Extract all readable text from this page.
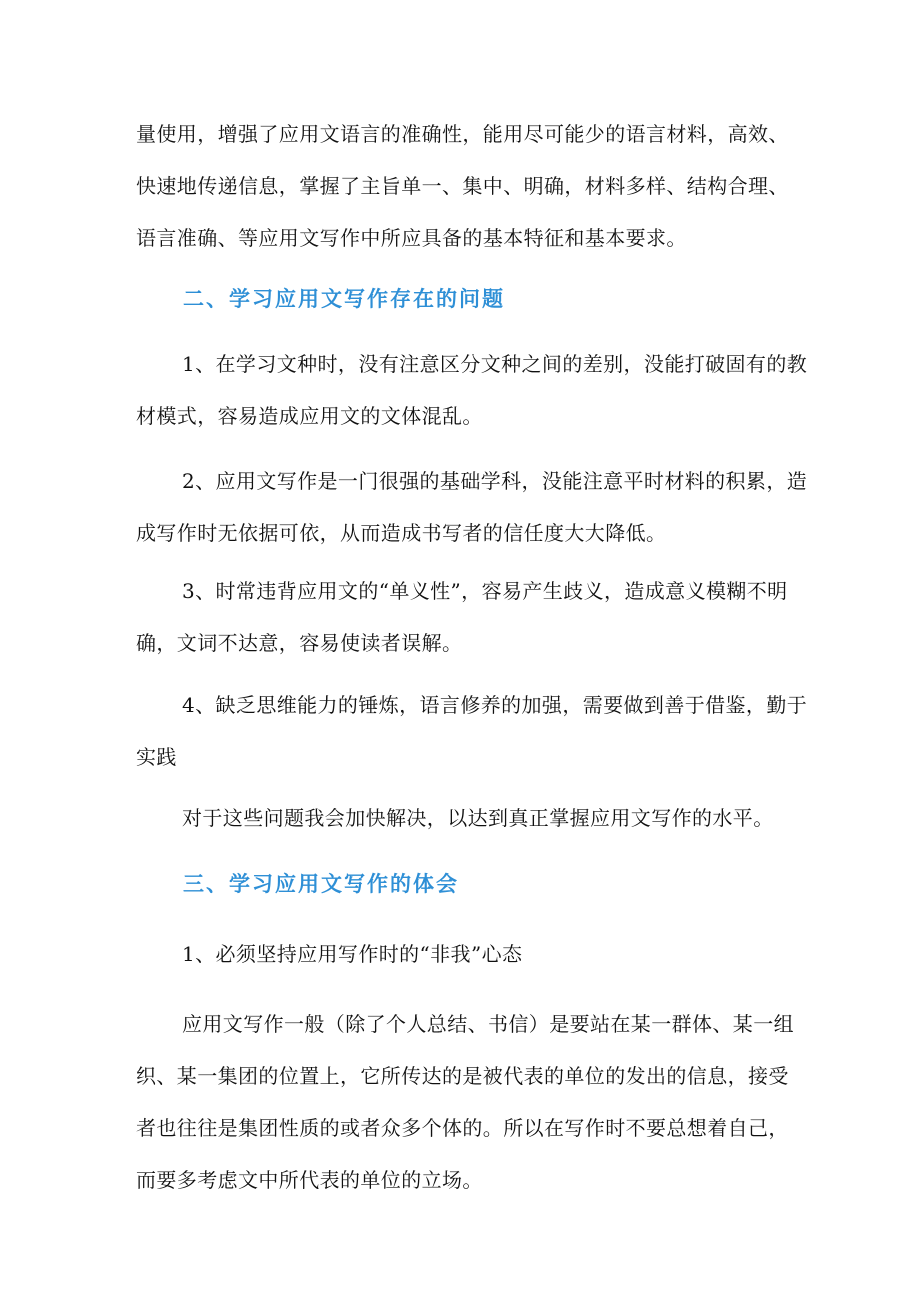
量使用，增强了应用文语言的准确性，能用尽可能少的语言材料，高效、
快速地传递信息，掌握了主旨单一、集中、明确，材料多样、结构合理、
语言准确、等应用文写作中所应具备的基本特征和基本要求。
二、学习应用文写作存在的问题
1、在学习文种时，没有注意区分文种之间的差别，没能打破固有的教
材模式，容易造成应用文的文体混乱。
2、应用文写作是一门很强的基础学科，没能注意平时材料的积累，造
成写作时无依据可依，从而造成书写者的信任度大大降低。
3、时常违背应用文的“单义性”，容易产生歧义，造成意义模糊不明
确，文词不达意，容易使读者误解。
4、缺乏思维能力的锤炼，语言修养的加强，需要做到善于借鉴，勤于
实践
对于这些问题我会加快解决，以达到真正掌握应用文写作的水平。
三、学习应用文写作的体会
1、必须坚持应用写作时的“非我”心态
应用文写作一般（除了个人总结、书信）是要站在某一群体、某一组
织、某一集团的位置上，它所传达的是被代表的单位的发出的信息，接受
者也往往是集团性质的或者众多个体的。所以在写作时不要总想着自己，
而要多考虑文中所代表的单位的立场。
